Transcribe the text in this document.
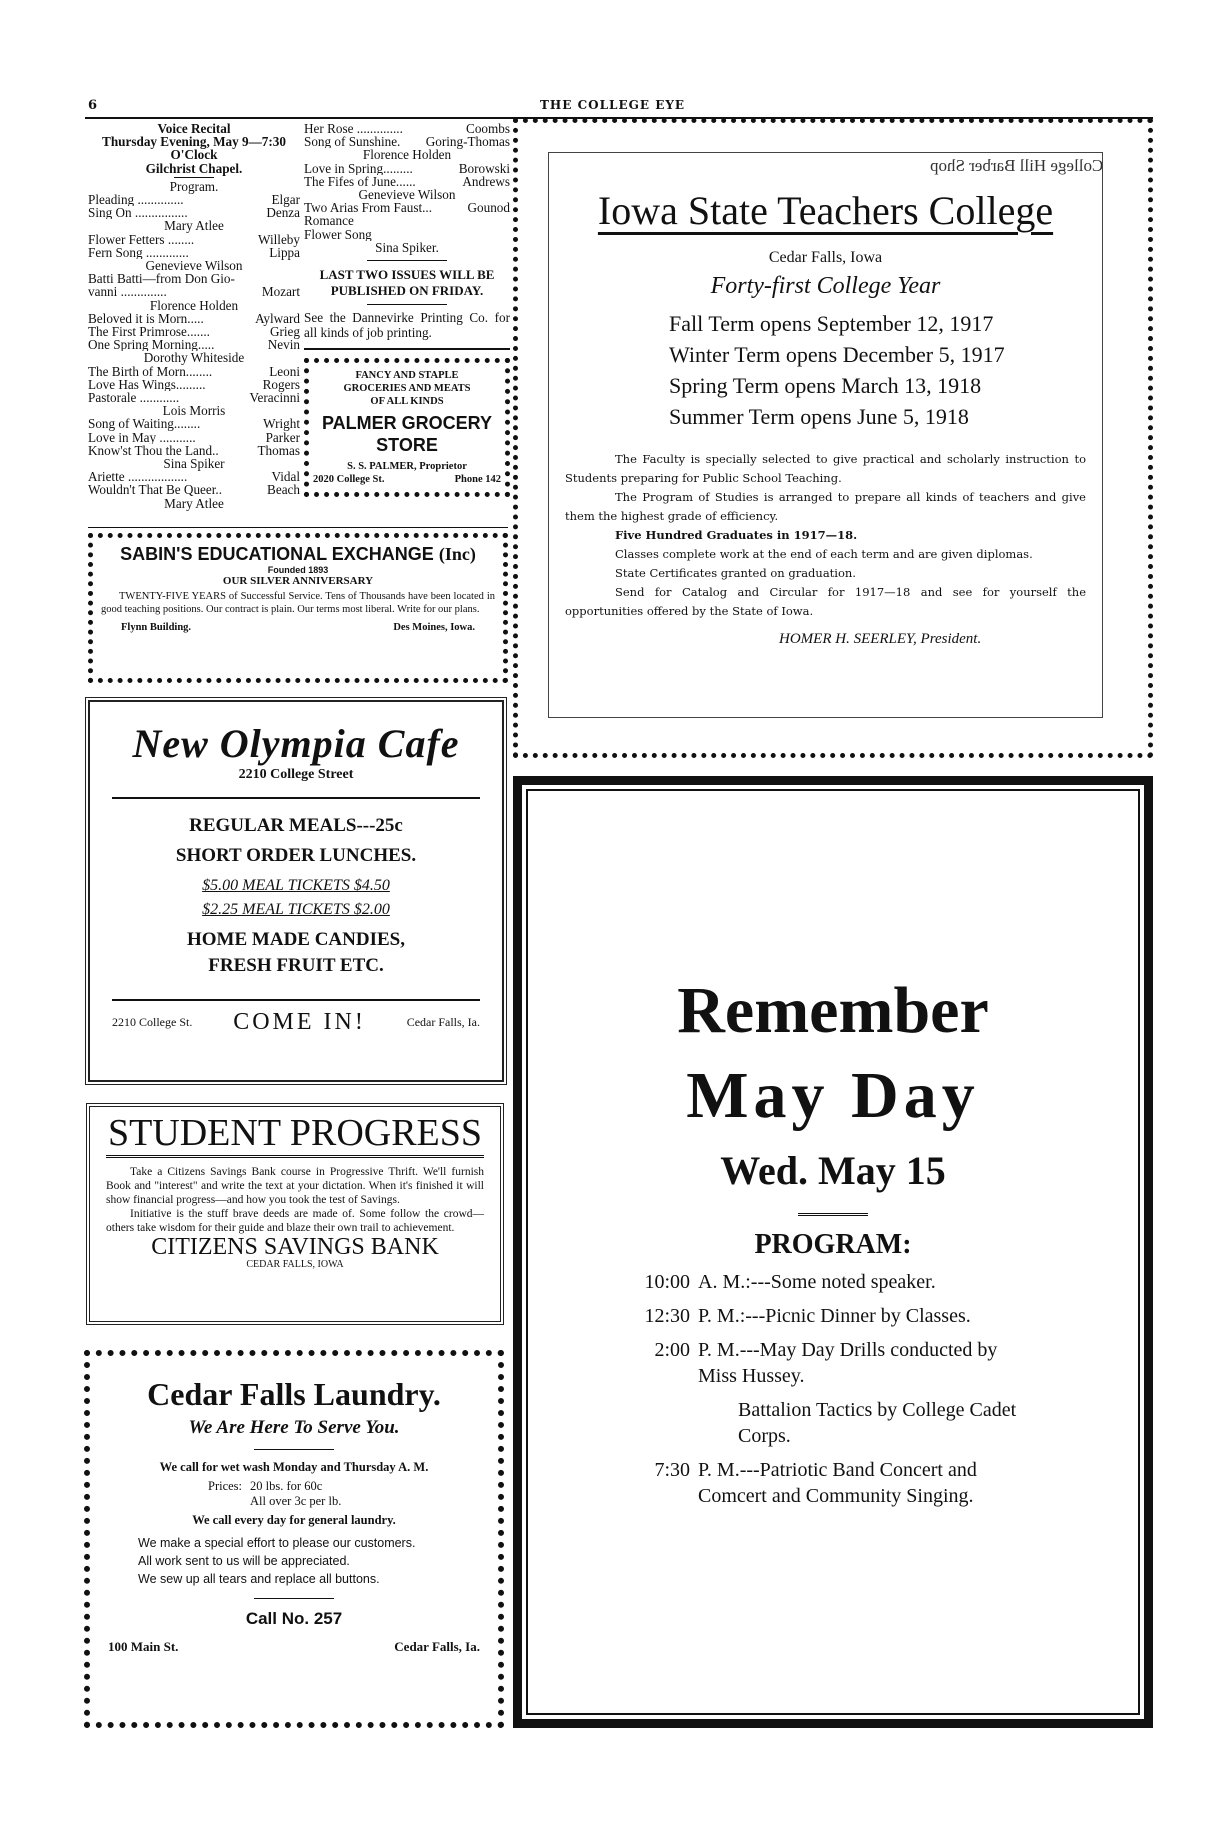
6	THE COLLEGE EYE
Voice Recital
Thursday Evening, May 9—7:30
O'Clock
Gilchrist Chapel.
Program.
Pleading ..............	Elgar
Sing On ................	Denza
Mary Atlee
Flower Fetters ........	Willeby
Fern Song .............	Lippa
Genevieve Wilson
Batti Batti—from Don Gio-
vanni ..............	Mozart
Florence Holden
Beloved it is Morn.....	Aylward
The First Primrose.......	Grieg
One Spring Morning.....	Nevin
Dorothy Whiteside
The Birth of Morn........	Leoni
Love Has Wings.........	Rogers
Pastorale ............	Veracinni
Lois Morris
Song of Waiting........	Wright
Love in May ...........	Parker
Know'st Thou the Land..	Thomas
Sina Spiker
Ariette ..................	Vidal
Wouldn't That Be Queer..	Beach
Mary Atlee
Her Rose ..............	Coombs
Song of Sunshine. Goring-Thomas
Florence Holden
Love in Spring.........	Borowski
The Fifes of June......	Andrews
Genevieve Wilson
Two Arias From Faust...	Gounod
Romance
Flower Song
Sina Spiker.
LAST TWO ISSUES WILL BE PUBLISHED ON FRIDAY.
See the Dannevirke Printing Co. for all kinds of job printing.
FANCY AND STAPLE
GROCERIES AND MEATS
OF ALL KINDS
PALMER GROCERY STORE
S. S. PALMER, Proprietor
2020 College St.	Phone 142
SABIN'S EDUCATIONAL EXCHANGE (Inc)
Founded 1893
OUR SILVER ANNIVERSARY
TWENTY-FIVE YEARS of Successful Service. Tens of Thousands have been located in good teaching positions. Our contract is plain. Our terms most liberal. Write for our plans.
Flynn Building.	Des Moines, Iowa.
New Olympia Cafe
2210 College Street
REGULAR MEALS---25c
SHORT ORDER LUNCHES.
$5.00 MEAL TICKETS $4.50
$2.25 MEAL TICKETS $2.00
HOME MADE CANDIES,
FRESH FRUIT ETC.
2210 College St. COME IN!	Cedar Falls, Ia.
STUDENT PROGRESS
Take a Citizens Savings Bank course in Progressive Thrift. We'll furnish Book and "interest" and write the text at your dictation. When it's finished it will show financial progress—and how you took the test of Savings.
Initiative is the stuff brave deeds are made of. Some follow the crowd—others take wisdom for their guide and blaze their own trail to achievement.
CITIZENS SAVINGS BANK
CEDAR FALLS, IOWA
Cedar Falls Laundry.
We Are Here To Serve You.
We call for wet wash Monday and Thursday A. M.
Prices: 20 lbs. for 60c
All over 3c per lb.
We call every day for general laundry.
We make a special effort to please our customers.
All work sent to us will be appreciated.
We sew up all tears and replace all buttons.
Call No. 257
100 Main St.	Cedar Falls, Ia.
College Hill Barber Shop
Iowa State Teachers College
Cedar Falls, Iowa
Forty-first College Year
Fall Term opens September 12, 1917
Winter Term opens December 5, 1917
Spring Term opens March 13, 1918
Summer Term opens June 5, 1918
The Faculty is specially selected to give practical and scholarly instruction to Students preparing for Public School Teaching.
The Program of Studies is arranged to prepare all kinds of teachers and give them the highest grade of efficiency.
Five Hundred Graduates in 1917—18.
Classes complete work at the end of each term and are given diplomas.
State Certificates granted on graduation.
Send for Catalog and Circular for 1917—18 and see for yourself the opportunities offered by the State of Iowa.
HOMER H. SEERLEY, President.
Remember
May Day
Wed. May 15
PROGRAM:
10:00 A. M.:---Some noted speaker.
12:30 P. M.:---Picnic Dinner by Classes.
2:00 P. M.---May Day Drills conducted by Miss Hussey.
Battalion Tactics by College Cadet Corps.
7:30 P. M.---Patriotic Band Concert and Comcert and Community Singing.
